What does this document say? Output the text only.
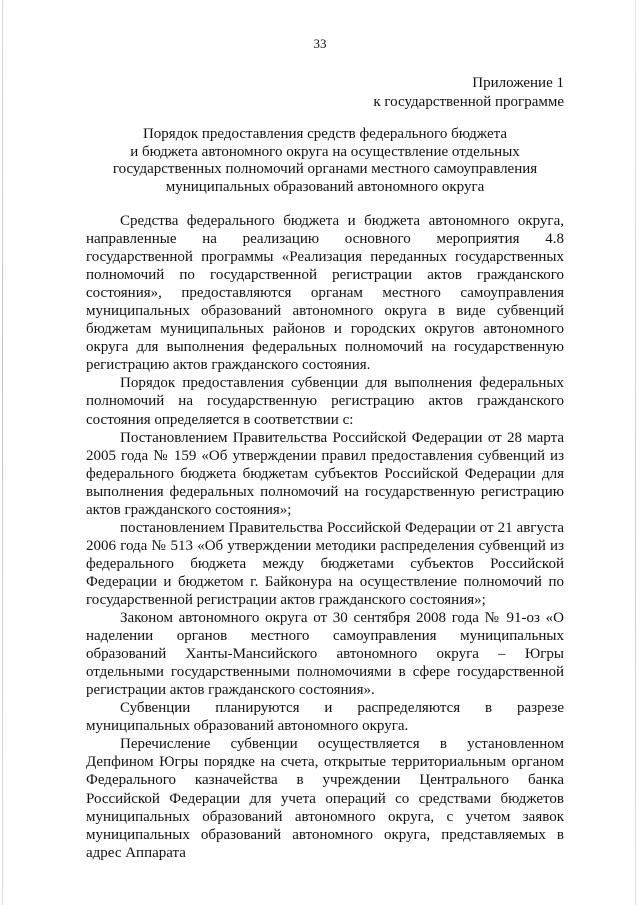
33
Приложение 1
к государственной программе
Порядок предоставления средств федерального бюджета
и бюджета автономного округа на осуществление отдельных
государственных полномочий органами местного самоуправления
муниципальных образований автономного округа

Средства федерального бюджета и бюджета автономного округа, направленные на реализацию основного мероприятия 4.8 государственной программы «Реализация переданных государственных полномочий по государственной регистрации актов гражданского состояния», предоставляются органам местного самоуправления муниципальных образований автономного округа в виде субвенций бюджетам муниципальных районов и городских округов автономного округа для выполнения федеральных полномочий на государственную регистрацию актов гражданского состояния.

Порядок предоставления субвенции для выполнения федеральных полномочий на государственную регистрацию актов гражданского состояния определяется в соответствии с:

Постановлением Правительства Российской Федерации от 28 марта 2005 года № 159 «Об утверждении правил предоставления субвенций из федерального бюджета бюджетам субъектов Российской Федерации для выполнения федеральных полномочий на государственную регистрацию актов гражданского состояния»;

постановлением Правительства Российской Федерации от 21 августа 2006 года № 513 «Об утверждении методики распределения субвенций из федерального бюджета между бюджетами субъектов Российской Федерации и бюджетом г. Байконура на осуществление полномочий по государственной регистрации актов гражданского состояния»;

Законом автономного округа от 30 сентября 2008 года № 91-оз «О наделении органов местного самоуправления муниципальных образований Ханты-Мансийского автономного округа – Югры отдельными государственными полномочиями в сфере государственной регистрации актов гражданского состояния».

Субвенции планируются и распределяются в разрезе муниципальных образований автономного округа.

Перечисление субвенции осуществляется в установленном Депфином Югры порядке на счета, открытые территориальным органом Федерального казначейства в учреждении Центрального банка Российской Федерации для учета операций со средствами бюджетов муниципальных образований автономного округа, с учетом заявок муниципальных образований автономного округа, представляемых в адрес Аппарата
